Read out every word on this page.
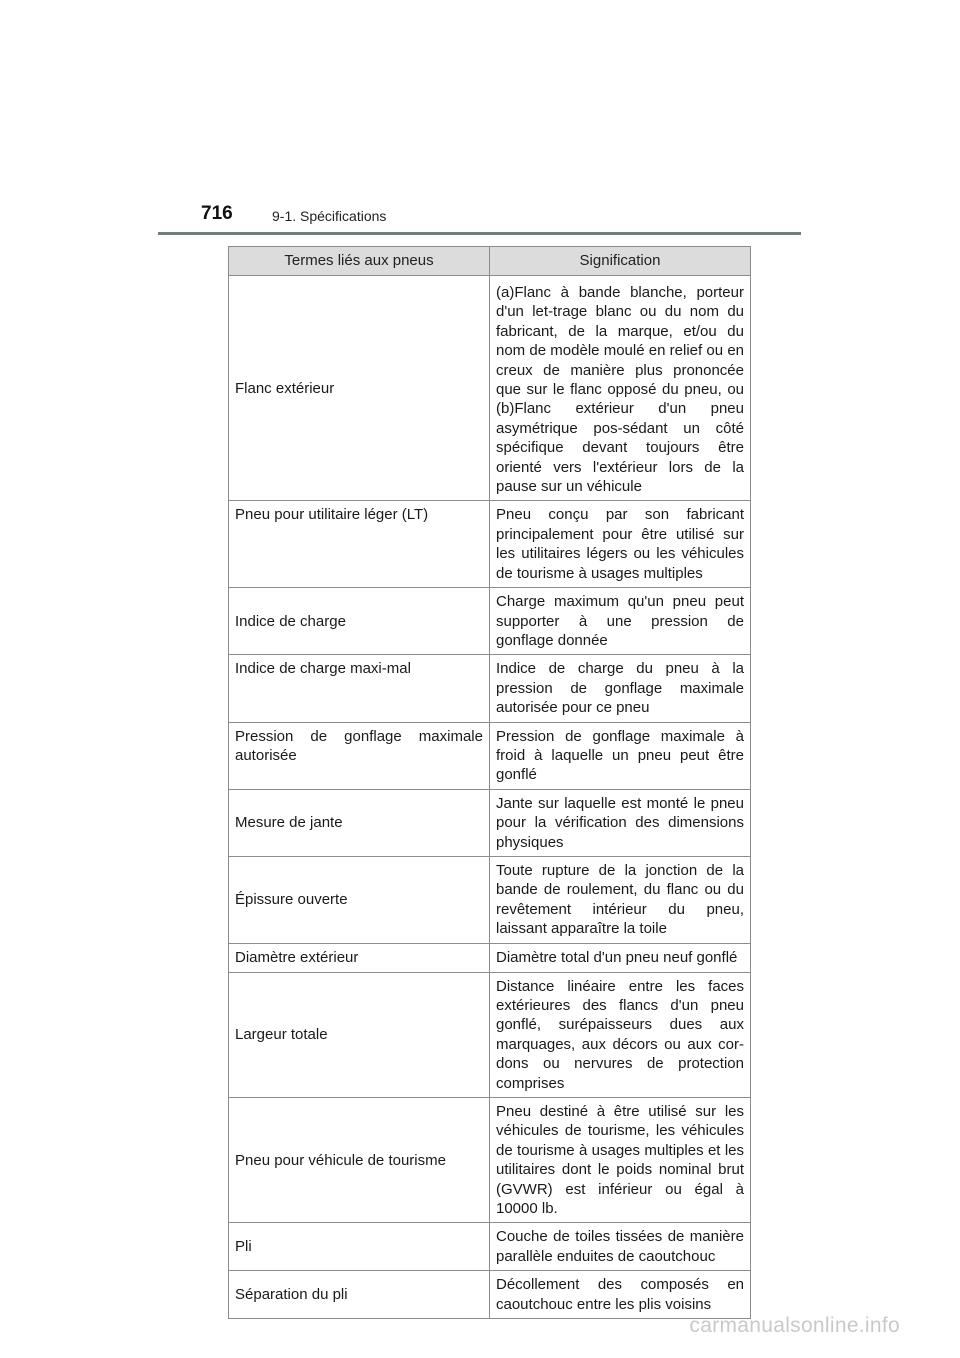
716	9-1. Spécifications
Termes liés aux pneus	Signification
Flanc extérieur	(a)Flanc à bande blanche, porteur d'un let-trage blanc ou du nom du fabricant, de la marque, et/ou du nom de modèle moulé en relief ou en creux de manière plus prononcée que sur le flanc opposé du pneu, ou (b)Flanc extérieur d'un pneu asymétrique pos-sédant un côté spécifique devant toujours être orienté vers l'extérieur lors de la pause sur un véhicule
Pneu pour utilitaire léger (LT)	Pneu conçu par son fabricant principalement pour être utilisé sur les utilitaires légers ou les véhicules de tourisme à usages multiples
Indice de charge	Charge maximum qu'un pneu peut supporter à une pression de gonflage donnée
Indice de charge maxi-mal	Indice de charge du pneu à la pression de gonflage maximale autorisée pour ce pneu
Pression de gonflage maximale autorisée	Pression de gonflage maximale à froid à laquelle un pneu peut être gonflé
Mesure de jante	Jante sur laquelle est monté le pneu pour la vérification des dimensions physiques
Épissure ouverte	Toute rupture de la jonction de la bande de roulement, du flanc ou du revêtement intérieur du pneu, laissant apparaître la toile
Diamètre extérieur	Diamètre total d'un pneu neuf gonflé
Largeur totale	Distance linéaire entre les faces extérieures des flancs d'un pneu gonflé, surépaisseurs dues aux marquages, aux décors ou aux cor-dons ou nervures de protection comprises
Pneu pour véhicule de tourisme	Pneu destiné à être utilisé sur les véhicules de tourisme, les véhicules de tourisme à usages multiples et les utilitaires dont le poids nominal brut (GVWR) est inférieur ou égal à 10000 lb.
Pli	Couche de toiles tissées de manière parallèle enduites de caoutchouc
Séparation du pli	Décollement des composés en caoutchouc entre les plis voisins
carmanualsonline.info
